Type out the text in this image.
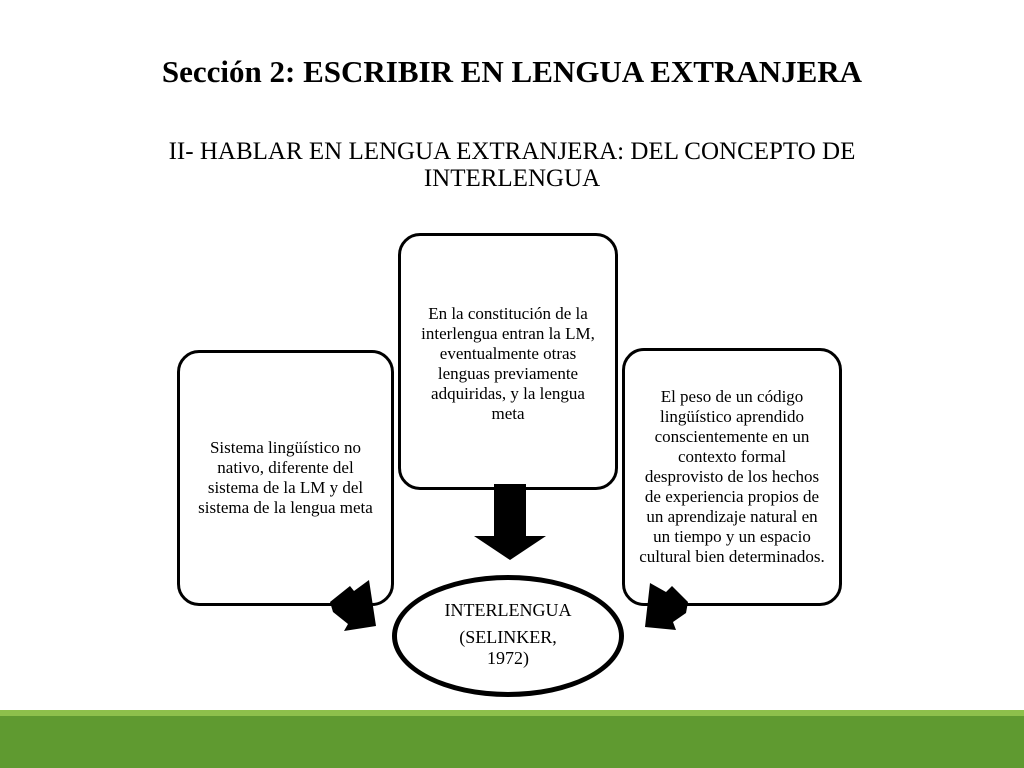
Sección 2: ESCRIBIR EN LENGUA EXTRANJERA
II- HABLAR EN LENGUA EXTRANJERA: DEL CONCEPTO DE INTERLENGUA
Sistema lingüístico no nativo, diferente del sistema de la LM y del sistema de la lengua meta
En la constitución de la interlengua entran la LM, eventualmente otras lenguas previamente adquiridas, y la lengua meta
El peso de un código lingüístico aprendido conscientemente en un contexto formal desprovisto de los hechos de experiencia propios de un aprendizaje natural en un tiempo y un espacio cultural bien determinados.
INTERLENGUA
(SELINKER,
1972)
